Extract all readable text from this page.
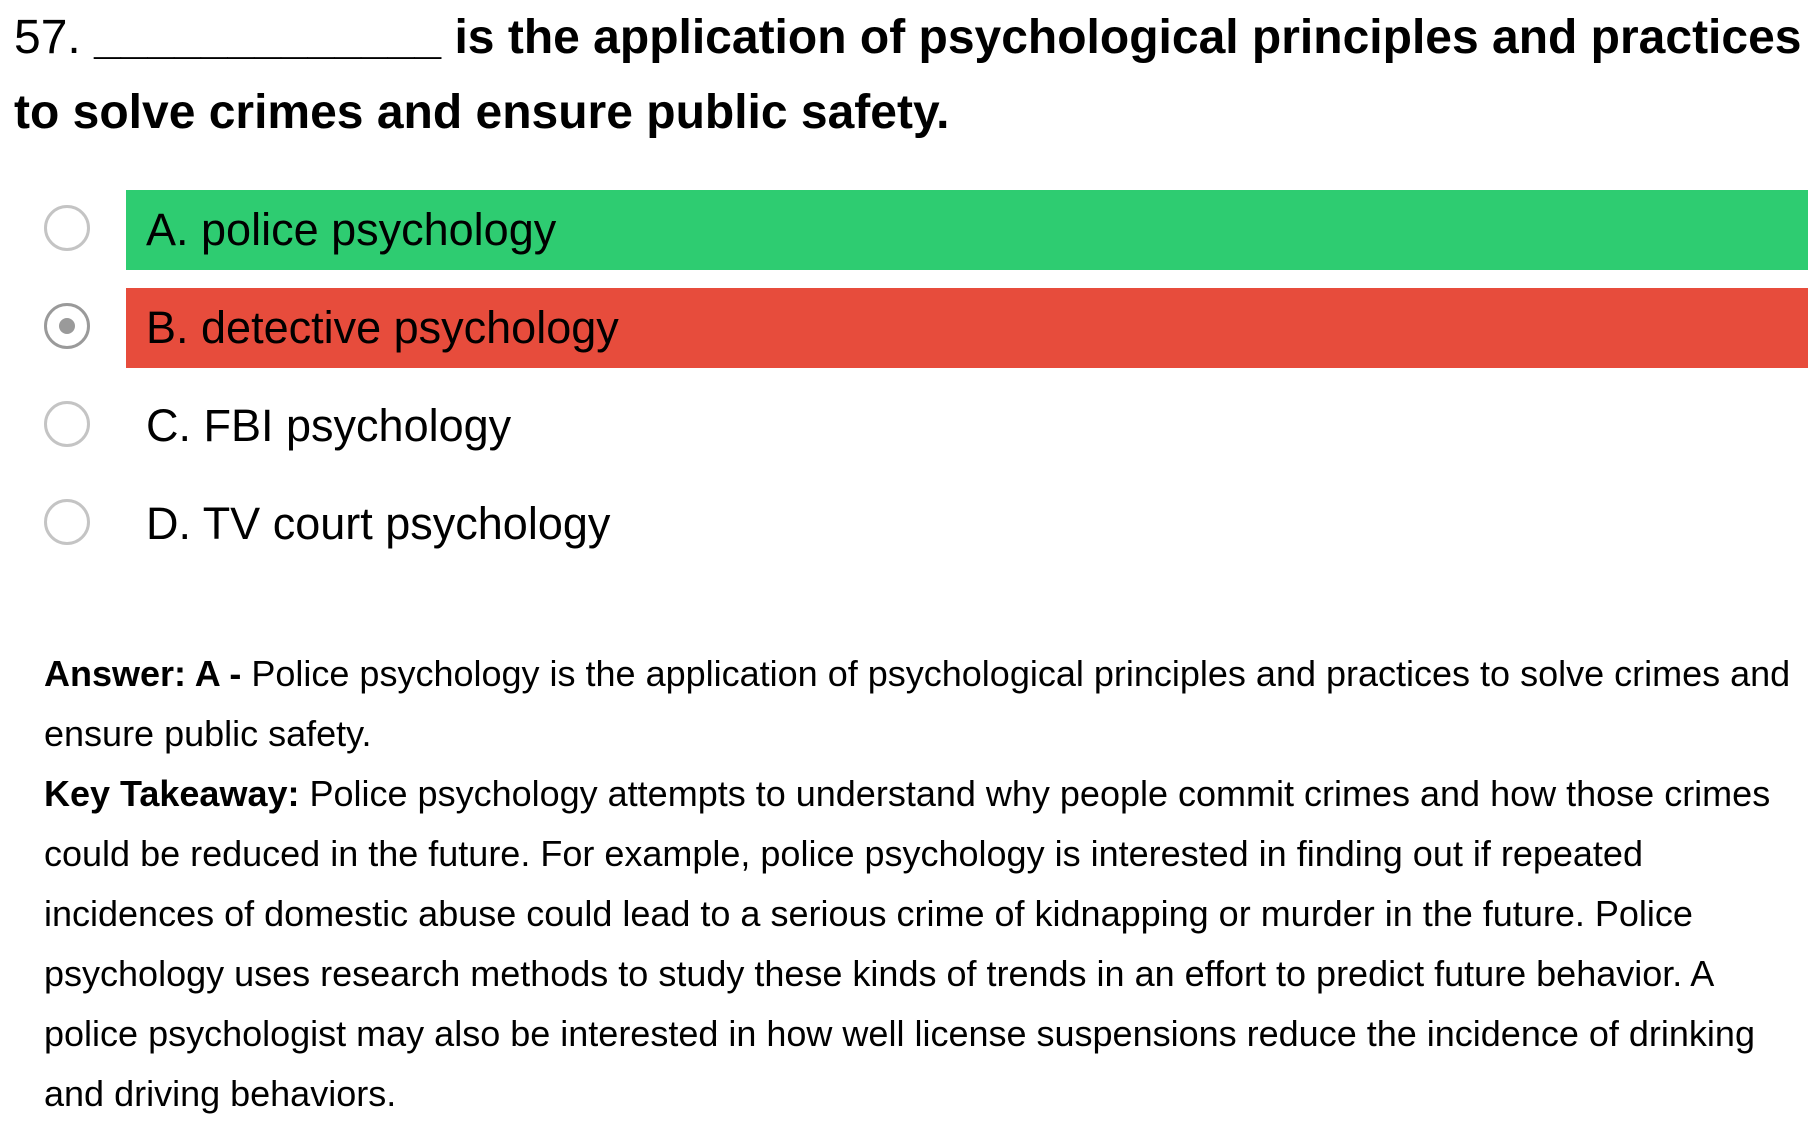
57. _____________ is the application of psychological principles and practices to solve crimes and ensure public safety.
A. police psychology
B. detective psychology
C. FBI psychology
D. TV court psychology

Answer: A - Police psychology is the application of psychological principles and practices to solve crimes and ensure public safety.

Key Takeaway: Police psychology attempts to understand why people commit crimes and how those crimes could be reduced in the future. For example, police psychology is interested in finding out if repeated incidences of domestic abuse could lead to a serious crime of kidnapping or murder in the future. Police psychology uses research methods to study these kinds of trends in an effort to predict future behavior. A police psychologist may also be interested in how well license suspensions reduce the incidence of drinking and driving behaviors.
